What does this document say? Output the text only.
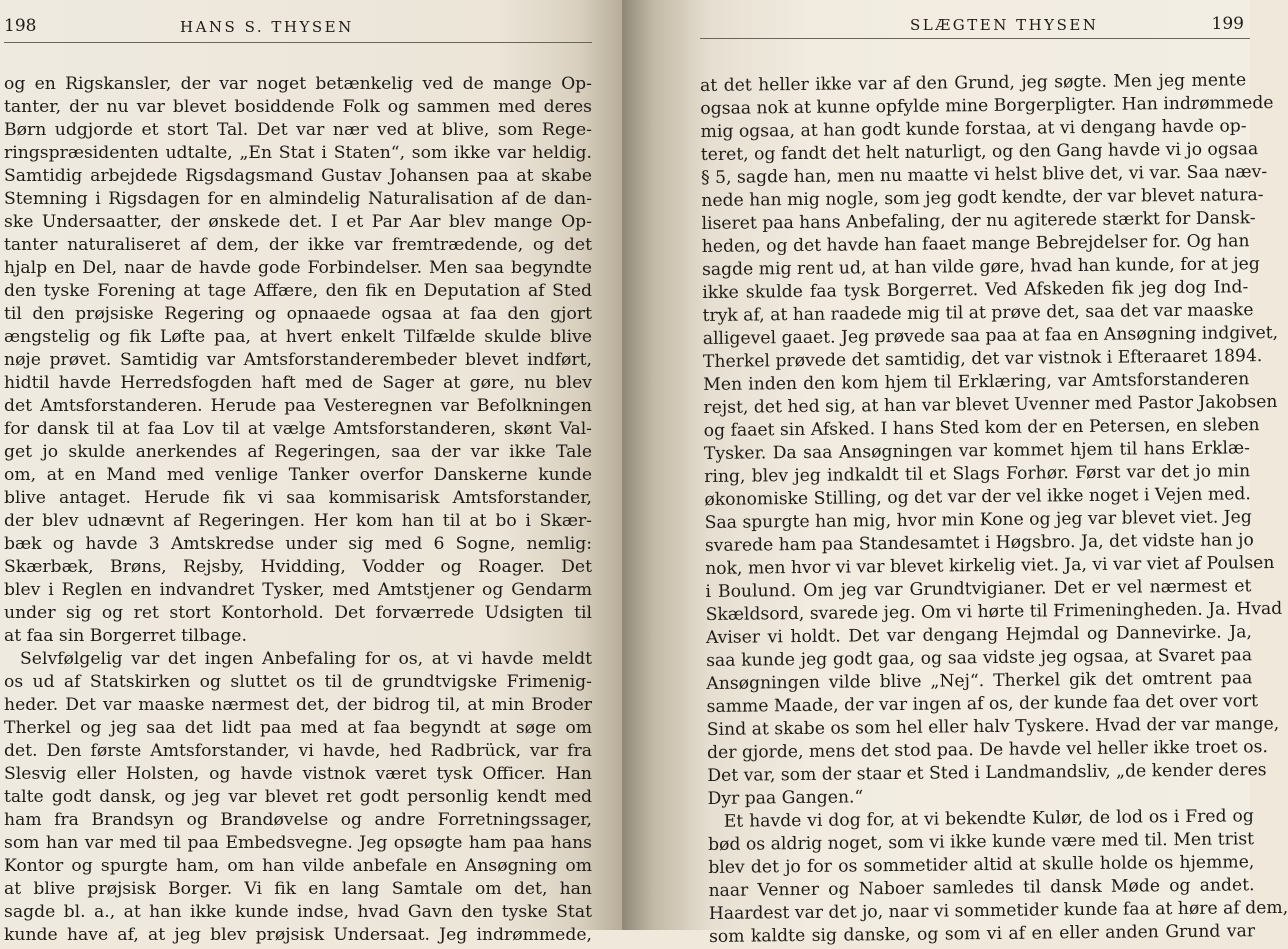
198	HANS S. THYSEN
og en Rigskansler, der var noget betænkelig ved de mange Op-
tanter, der nu var blevet bosiddende Folk og sammen med deres
Børn udgjorde et stort Tal. Det var nær ved at blive, som Rege-
ringspræsidenten udtalte, „En Stat i Staten“, som ikke var heldig.
Samtidig arbejdede Rigsdagsmand Gustav Johansen paa at skabe
Stemning i Rigsdagen for en almindelig Naturalisation af de dan-
ske Undersaatter, der ønskede det. I et Par Aar blev mange Op-
tanter naturaliseret af dem, der ikke var fremtrædende, og det
hjalp en Del, naar de havde gode Forbindelser. Men saa begyndte
den tyske Forening at tage Affære, den fik en Deputation af Sted
til den prøjsiske Regering og opnaaede ogsaa at faa den gjort
ængstelig og fik Løfte paa, at hvert enkelt Tilfælde skulde blive
nøje prøvet. Samtidig var Amtsforstanderembeder blevet indført,
hidtil havde Herredsfogden haft med de Sager at gøre, nu blev
det Amtsforstanderen. Herude paa Vesteregnen var Befolkningen
for dansk til at faa Lov til at vælge Amtsforstanderen, skønt Val-
get jo skulde anerkendes af Regeringen, saa der var ikke Tale
om, at en Mand med venlige Tanker overfor Danskerne kunde
blive antaget. Herude fik vi saa kommisarisk Amtsforstander,
der blev udnævnt af Regeringen. Her kom han til at bo i Skær-
bæk og havde 3 Amtskredse under sig med 6 Sogne, nemlig:
Skærbæk, Brøns, Rejsby, Hvidding, Vodder og Roager. Det
blev i Reglen en indvandret Tysker, med Amtstjener og Gendarm
under sig og ret stort Kontorhold. Det forværrede Udsigten til
at faa sin Borgerret tilbage.
Selvfølgelig var det ingen Anbefaling for os, at vi havde meldt
os ud af Statskirken og sluttet os til de grundtvigske Frimenig-
heder. Det var maaske nærmest det, der bidrog til, at min Broder
Therkel og jeg saa det lidt paa med at faa begyndt at søge om
det. Den første Amtsforstander, vi havde, hed Radbrück, var fra
Slesvig eller Holsten, og havde vistnok været tysk Officer. Han
talte godt dansk, og jeg var blevet ret godt personlig kendt med
ham fra Brandsyn og Brandøvelse og andre Forretningssager,
som han var med til paa Embedsvegne. Jeg opsøgte ham paa hans
Kontor og spurgte ham, om han vilde anbefale en Ansøgning om
at blive prøjsisk Borger. Vi fik en lang Samtale om det, han
sagde bl. a., at han ikke kunde indse, hvad Gavn den tyske Stat
kunde have af, at jeg blev prøjsisk Undersaat. Jeg indrømmede,
SLÆGTEN THYSEN	199
at det heller ikke var af den Grund, jeg søgte. Men jeg mente
ogsaa nok at kunne opfylde mine Borgerpligter. Han indrømmede
mig ogsaa, at han godt kunde forstaa, at vi dengang havde op-
teret, og fandt det helt naturligt, og den Gang havde vi jo ogsaa
§ 5, sagde han, men nu maatte vi helst blive det, vi var. Saa næv-
nede han mig nogle, som jeg godt kendte, der var blevet natura-
liseret paa hans Anbefaling, der nu agiterede stærkt for Dansk-
heden, og det havde han faaet mange Bebrejdelser for. Og han
sagde mig rent ud, at han vilde gøre, hvad han kunde, for at jeg
ikke skulde faa tysk Borgerret. Ved Afskeden fik jeg dog Ind-
tryk af, at han raadede mig til at prøve det, saa det var maaske
alligevel gaaet. Jeg prøvede saa paa at faa en Ansøgning indgivet,
Therkel prøvede det samtidig, det var vistnok i Efteraaret 1894.
Men inden den kom hjem til Erklæring, var Amtsforstanderen
rejst, det hed sig, at han var blevet Uvenner med Pastor Jakobsen
og faaet sin Afsked. I hans Sted kom der en Petersen, en sleben
Tysker. Da saa Ansøgningen var kommet hjem til hans Erklæ-
ring, blev jeg indkaldt til et Slags Forhør. Først var det jo min
økonomiske Stilling, og det var der vel ikke noget i Vejen med.
Saa spurgte han mig, hvor min Kone og jeg var blevet viet. Jeg
svarede ham paa Standesamtet i Høgsbro. Ja, det vidste han jo
nok, men hvor vi var blevet kirkelig viet. Ja, vi var viet af Poulsen
i Boulund. Om jeg var Grundtvigianer. Det er vel nærmest et
Skældsord, svarede jeg. Om vi hørte til Frimeningheden. Ja. Hvad
Aviser vi holdt. Det var dengang Hejmdal og Dannevirke. Ja,
saa kunde jeg godt gaa, og saa vidste jeg ogsaa, at Svaret paa
Ansøgningen vilde blive „Nej“. Therkel gik det omtrent paa
samme Maade, der var ingen af os, der kunde faa det over vort
Sind at skabe os som hel eller halv Tyskere. Hvad der var mange,
der gjorde, mens det stod paa. De havde vel heller ikke troet os.
Det var, som der staar et Sted i Landmandsliv, „de kender deres
Dyr paa Gangen.“
Et havde vi dog for, at vi bekendte Kulør, de lod os i Fred og
bød os aldrig noget, som vi ikke kunde være med til. Men trist
blev det jo for os sommetider altid at skulle holde os hjemme,
naar Venner og Naboer samledes til dansk Møde og andet.
Haardest var det jo, naar vi sommetider kunde faa at høre af dem,
som kaldte sig danske, og som vi af en eller anden Grund var
